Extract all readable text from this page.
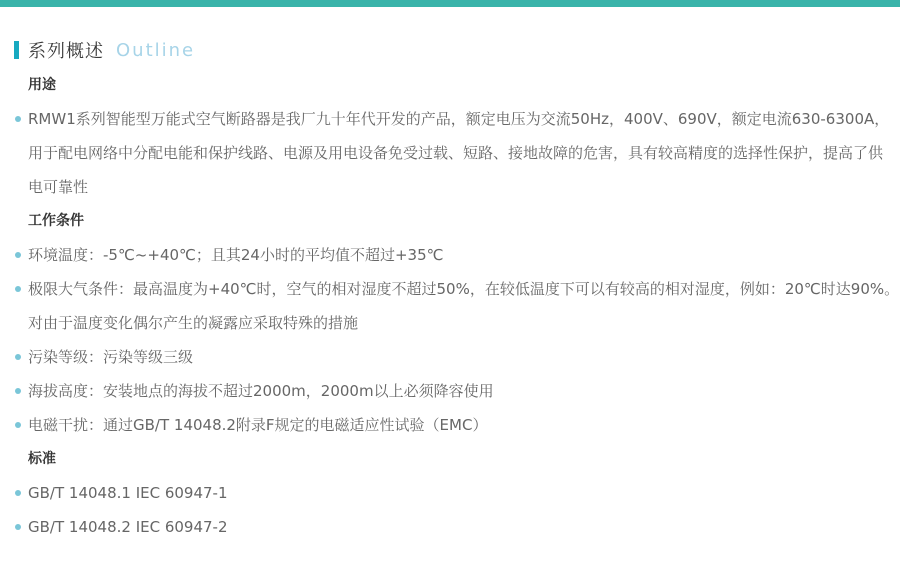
系列概述 Outline
用途
RMW1系列智能型万能式空气断路器是我厂九十年代开发的产品，额定电压为交流50Hz，400V、690V，额定电流630-6300A，
用于配电网络中分配电能和保护线路、电源及用电设备免受过载、短路、接地故障的危害，具有较高精度的选择性保护，提高了供
电可靠性
工作条件
环境温度：-5℃~+40℃；且其24小时的平均值不超过+35℃
极限大气条件：最高温度为+40℃时，空气的相对湿度不超过50%，在较低温度下可以有较高的相对湿度，例如：20℃时达90%。
对由于温度变化偶尔产生的凝露应采取特殊的措施
污染等级：污染等级三级
海拔高度：安装地点的海拔不超过2000m，2000m以上必须降容使用
电磁干扰：通过GB/T 14048.2附录F规定的电磁适应性试验（EMC）
标准
GB/T 14048.1 IEC 60947-1
GB/T 14048.2 IEC 60947-2
